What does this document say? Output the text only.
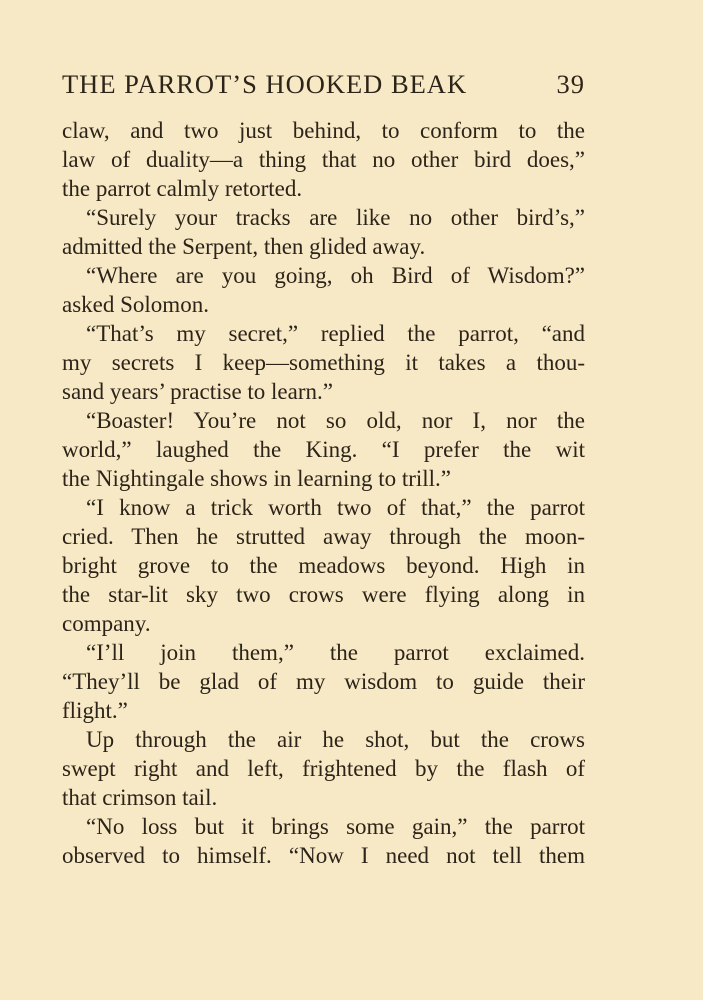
THE PARROT’S HOOKED BEAK	39
claw, and two just behind, to conform to the
law of duality—a thing that no other bird does,”
the parrot calmly retorted.
“Surely your tracks are like no other bird’s,”
admitted the Serpent, then glided away.
“Where are you going, oh Bird of Wisdom?”
asked Solomon.
“That’s my secret,” replied the parrot, “and
my secrets I keep—something it takes a thou-
sand years’ practise to learn.”
“Boaster! You’re not so old, nor I, nor the
world,” laughed the King. “I prefer the wit
the Nightingale shows in learning to trill.”
“I know a trick worth two of that,” the parrot
cried. Then he strutted away through the moon-
bright grove to the meadows beyond. High in
the star-lit sky two crows were flying along in
company.
“I’ll join them,” the parrot exclaimed.
“They’ll be glad of my wisdom to guide their
flight.”
Up through the air he shot, but the crows
swept right and left, frightened by the flash of
that crimson tail.
“No loss but it brings some gain,” the parrot
observed to himself. “Now I need not tell them
